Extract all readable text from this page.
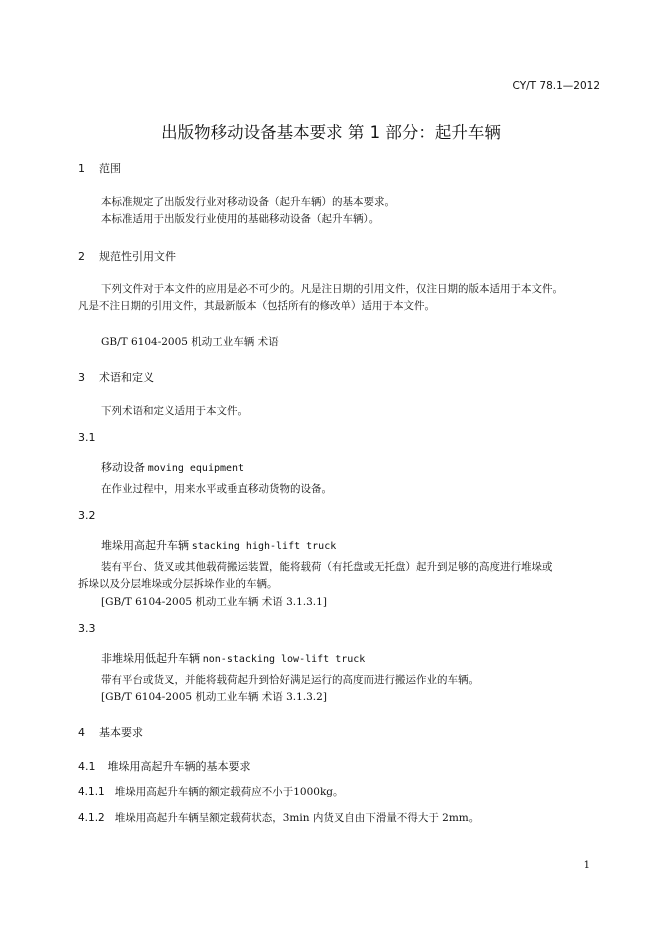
CY/T 78.1—2012
出版物移动设备基本要求 第 1 部分：起升车辆
1 范围
本标准规定了出版发行业对移动设备（起升车辆）的基本要求。
本标准适用于出版发行业使用的基础移动设备（起升车辆）。
2 规范性引用文件
下列文件对于本文件的应用是必不可少的。凡是注日期的引用文件，仅注日期的版本适用于本文件。
凡是不注日期的引用文件，其最新版本（包括所有的修改单）适用于本文件。
GB/T 6104-2005 机动工业车辆 术语
3 术语和定义
下列术语和定义适用于本文件。
3.1
移动设备 moving equipment
在作业过程中，用来水平或垂直移动货物的设备。
3.2
堆垛用高起升车辆 stacking high-lift truck
装有平台、货叉或其他载荷搬运装置，能将载荷（有托盘或无托盘）起升到足够的高度进行堆垛或
拆垛以及分层堆垛或分层拆垛作业的车辆。
[GB/T 6104-2005 机动工业车辆 术语 3.1.3.1]
3.3
非堆垛用低起升车辆 non-stacking low-lift truck
带有平台或货叉，并能将载荷起升到恰好满足运行的高度而进行搬运作业的车辆。
[GB/T 6104-2005 机动工业车辆 术语 3.1.3.2]
4 基本要求
4.1 堆垛用高起升车辆的基本要求
4.1.1 堆垛用高起升车辆的额定载荷应不小于1000kg。
4.1.2 堆垛用高起升车辆呈额定载荷状态，3min 内货叉自由下滑量不得大于 2mm。
1
